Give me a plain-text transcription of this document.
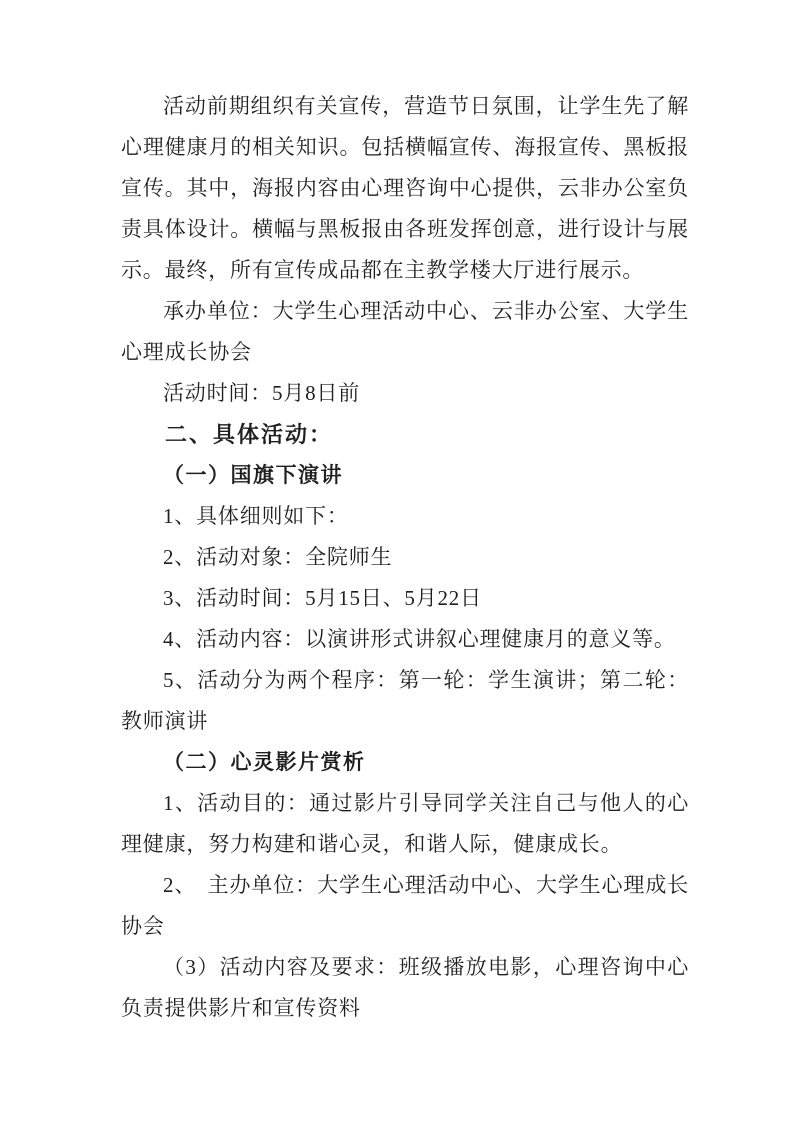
活动前期组织有关宣传，营造节日氛围，让学生先了解心理健康月的相关知识。包括横幅宣传、海报宣传、黑板报宣传。其中，海报内容由心理咨询中心提供，云非办公室负责具体设计。横幅与黑板报由各班发挥创意，进行设计与展示。最终，所有宣传成品都在主教学楼大厅进行展示。

承办单位：大学生心理活动中心、云非办公室、大学生心理成长协会

活动时间：5月8日前

二、具体活动：
（一）国旗下演讲

1、具体细则如下：

2、活动对象：全院师生

3、活动时间：5月15日、5月22日

4、活动内容：以演讲形式讲叙心理健康月的意义等。

5、活动分为两个程序：第一轮：学生演讲；第二轮：教师演讲

（二）心灵影片赏析

1、活动目的：通过影片引导同学关注自己与他人的心理健康，努力构建和谐心灵，和谐人际，健康成长。

2、　主办单位：大学生心理活动中心、大学生心理成长协会

（3）活动内容及要求：班级播放电影，心理咨询中心负责提供影片和宣传资料
